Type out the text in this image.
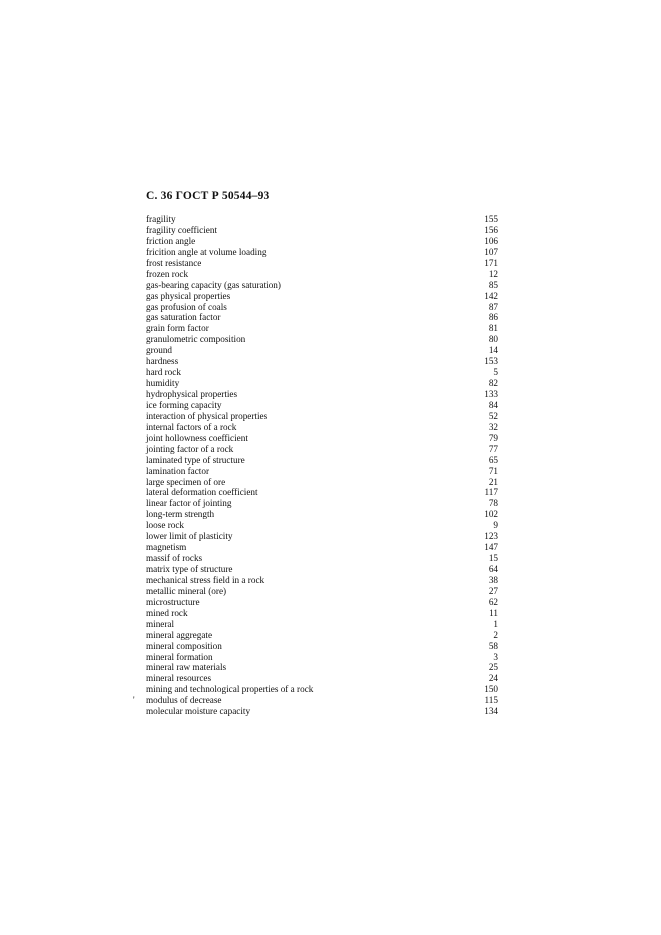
С. 36 ГОСТ Р 50544–93
'
fragility	155
fragility coefficient	156
friction angle	106
fricition angle at volume loading	107
frost resistance	171
frozen rock	12
gas-bearing capacity (gas saturation)	85
gas physical properties	142
gas profusion of coals	87
gas saturation factor	86
grain form factor	81
granulometric composition	80
ground	14
hardness	153
hard rock	5
humidity	82
hydrophysical properties	133
ice forming capacity	84
interaction of physical properties	52
internal factors of a rock	32
joint hollowness coefficient	79
jointing factor of a rock	77
laminated type of structure	65
lamination factor	71
large specimen of ore	21
lateral deformation coefficient	117
linear factor of jointing	78
long-term strength	102
loose rock	9
lower limit of plasticity	123
magnetism	147
massif of rocks	15
matrix type of structure	64
mechanical stress field in a rock	38
metallic mineral (ore)	27
microstructure	62
mined rock	11
mineral	1
mineral aggregate	2
mineral composition	58
mineral formation	3
mineral raw materials	25
mineral resources	24
mining and technological properties of a rock	150
modulus of decrease	115
molecular moisture capacity	134
